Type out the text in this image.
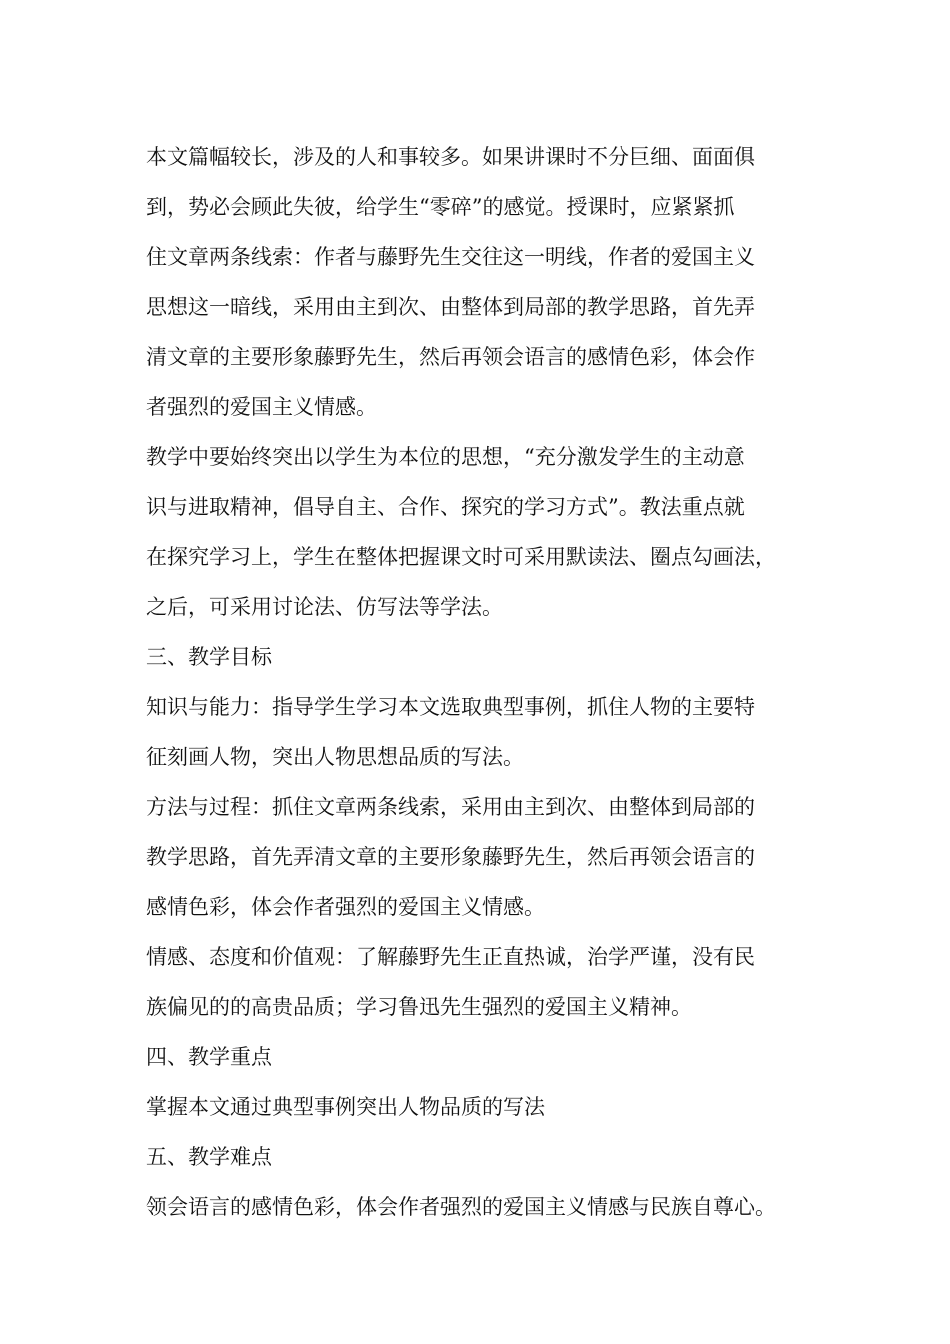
本文篇幅较长，涉及的人和事较多。如果讲课时不分巨细、面面俱
到，势必会顾此失彼，给学生“零碎”的感觉。授课时，应紧紧抓
住文章两条线索：作者与藤野先生交往这一明线，作者的爱国主义
思想这一暗线，采用由主到次、由整体到局部的教学思路，首先弄
清文章的主要形象藤野先生，然后再领会语言的感情色彩，体会作
者强烈的爱国主义情感。

教学中要始终突出以学生为本位的思想，“充分激发学生的主动意
识与进取精神，倡导自主、合作、探究的学习方式”。教法重点就
在探究学习上，学生在整体把握课文时可采用默读法、圈点勾画法，
之后，可采用讨论法、仿写法等学法。

三、教学目标

知识与能力：指导学生学习本文选取典型事例，抓住人物的主要特
征刻画人物，突出人物思想品质的写法。

方法与过程：抓住文章两条线索，采用由主到次、由整体到局部的
教学思路，首先弄清文章的主要形象藤野先生，然后再领会语言的
感情色彩，体会作者强烈的爱国主义情感。

情感、态度和价值观：了解藤野先生正直热诚，治学严谨，没有民
族偏见的的高贵品质；学习鲁迅先生强烈的爱国主义精神。

四、教学重点

掌握本文通过典型事例突出人物品质的写法

五、教学难点

领会语言的感情色彩，体会作者强烈的爱国主义情感与民族自尊心。
